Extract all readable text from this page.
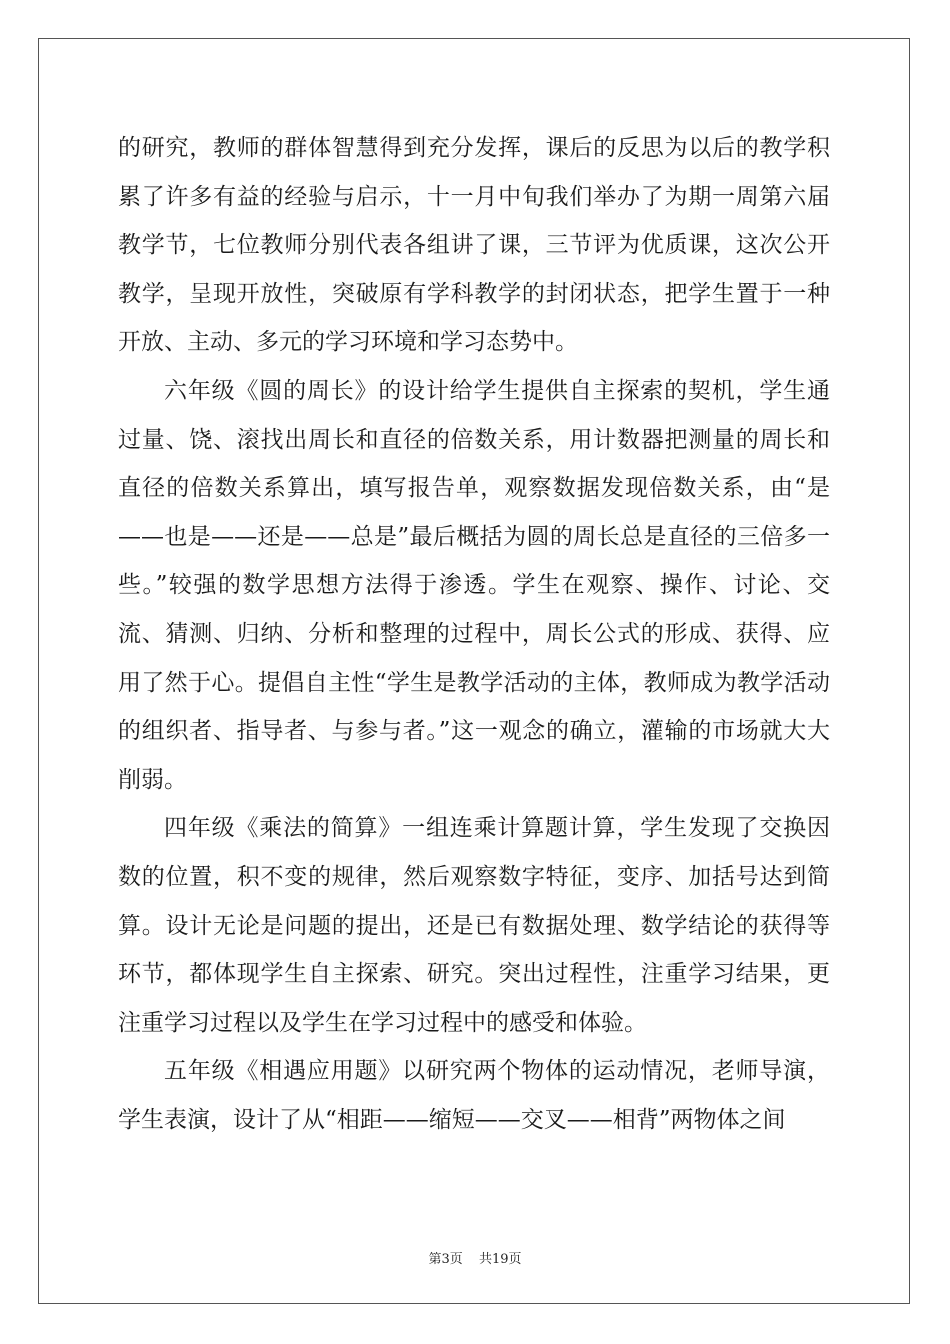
的研究，教师的群体智慧得到充分发挥，课后的反思为以后的教学积累了许多有益的经验与启示，十一月中旬我们举办了为期一周第六届教学节，七位教师分别代表各组讲了课，三节评为优质课，这次公开教学，呈现开放性，突破原有学科教学的封闭状态，把学生置于一种开放、主动、多元的学习环境和学习态势中。

六年级《圆的周长》的设计给学生提供自主探索的契机，学生通过量、饶、滚找出周长和直径的倍数关系，用计数器把测量的周长和直径的倍数关系算出，填写报告单，观察数据发现倍数关系，由“是——也是——还是——总是”最后概括为圆的周长总是直径的三倍多一些。”较强的数学思想方法得于渗透。学生在观察、操作、讨论、交流、猜测、归纳、分析和整理的过程中，周长公式的形成、获得、应用了然于心。提倡自主性“学生是教学活动的主体，教师成为教学活动的组织者、指导者、与参与者。”这一观念的确立，灌输的市场就大大削弱。

四年级《乘法的简算》一组连乘计算题计算，学生发现了交换因数的位置，积不变的规律，然后观察数字特征，变序、加括号达到简算。设计无论是问题的提出，还是已有数据处理、数学结论的获得等环节，都体现学生自主探索、研究。突出过程性，注重学习结果，更注重学习过程以及学生在学习过程中的感受和体验。

五年级《相遇应用题》以研究两个物体的运动情况，老师导演，学生表演，设计了从“相距——缩短——交叉——相背”两物体之间

第3页 共19页
